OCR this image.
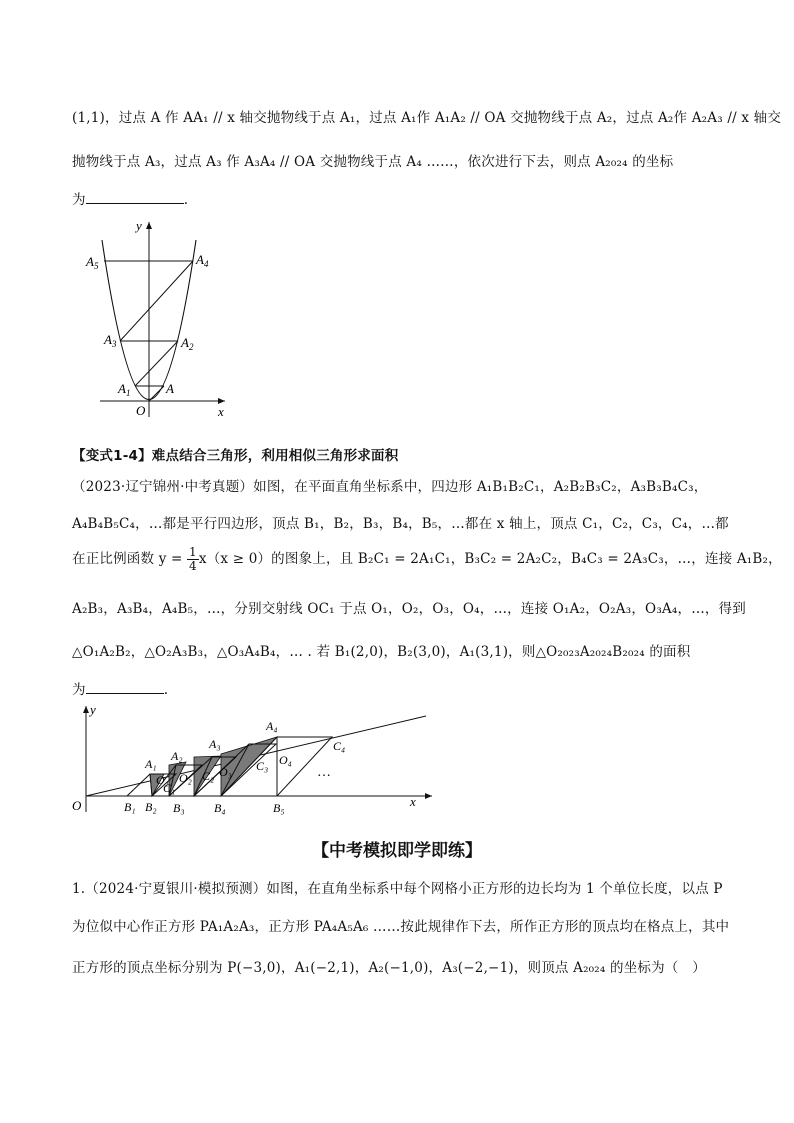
(1,1)，过点 A 作 AA₁ // x 轴交抛物线于点 A₁，过点 A₁作 A₁A₂ // OA 交抛物线于点 A₂，过点 A₂作 A₂A₃ // x 轴交
抛物线于点 A₃，过点 A₃ 作 A₃A₄ // OA 交抛物线于点 A₄ ……，依次进行下去，则点 A₂₀₂₄ 的坐标
为	.
y
x
O
A
$A_1$
$A_2$
$A_3$
$A_4$
$A_5$
【变式1-4】难点结合三角形，利用相似三角形求面积
（2023·辽宁锦州·中考真题）如图，在平面直角坐标系中，四边形 A₁B₁B₂C₁，A₂B₂B₃C₂，A₃B₃B₄C₃，
A₄B₄B₅C₄，…都是平行四边形，顶点 B₁，B₂，B₃，B₄，B₅，…都在 x 轴上，顶点 C₁，C₂，C₃，C₄，…都
在正比例函数 $y = \frac{1}{4} x(x \ge 0)$的图象上，且 B₂C₁ = 2A₁C₁，B₃C₂ = 2A₂C₂，B₄C₃ = 2A₃C₃，…，连接 A₁B₂，
A₂B₃，A₃B₄，A₄B₅，…，分别交射线 OC₁ 于点 O₁，O₂，O₃，O₄，…，连接 O₁A₂，O₂A₃，O₃A₄，…，得到
△O₁A₂B₂，△O₂A₃B₃，△O₃A₄B₄，… . 若 B₁(2,0)，B₂(3,0)，A₁(3,1)，则△O₂₀₂₃A₂₀₂₄B₂₀₂₄ 的面积
为	.
y
x
O
…
A₁
A₂
A₃
A₄
B₁ B₂ B₃ B₄	B₅
C₁
C₂
C₃
C₄
O₁ O₂ O₃
O₄
【中考模拟即学即练】
1.（2024·宁夏银川·模拟预测）如图，在直角坐标系中每个网格小正方形的边长均为 1 个单位长度，以点 P
为位似中心作正方形 PA₁A₂A₃，正方形 PA₄A₅A₆ ……按此规律作下去，所作正方形的顶点均在格点上，其中
正方形的顶点坐标分别为 P(−3,0)，A₁(−2,1)，A₂(−1,0)，A₃(−2,−1)，则顶点 A₂₀₂₄ 的坐标为（　）
